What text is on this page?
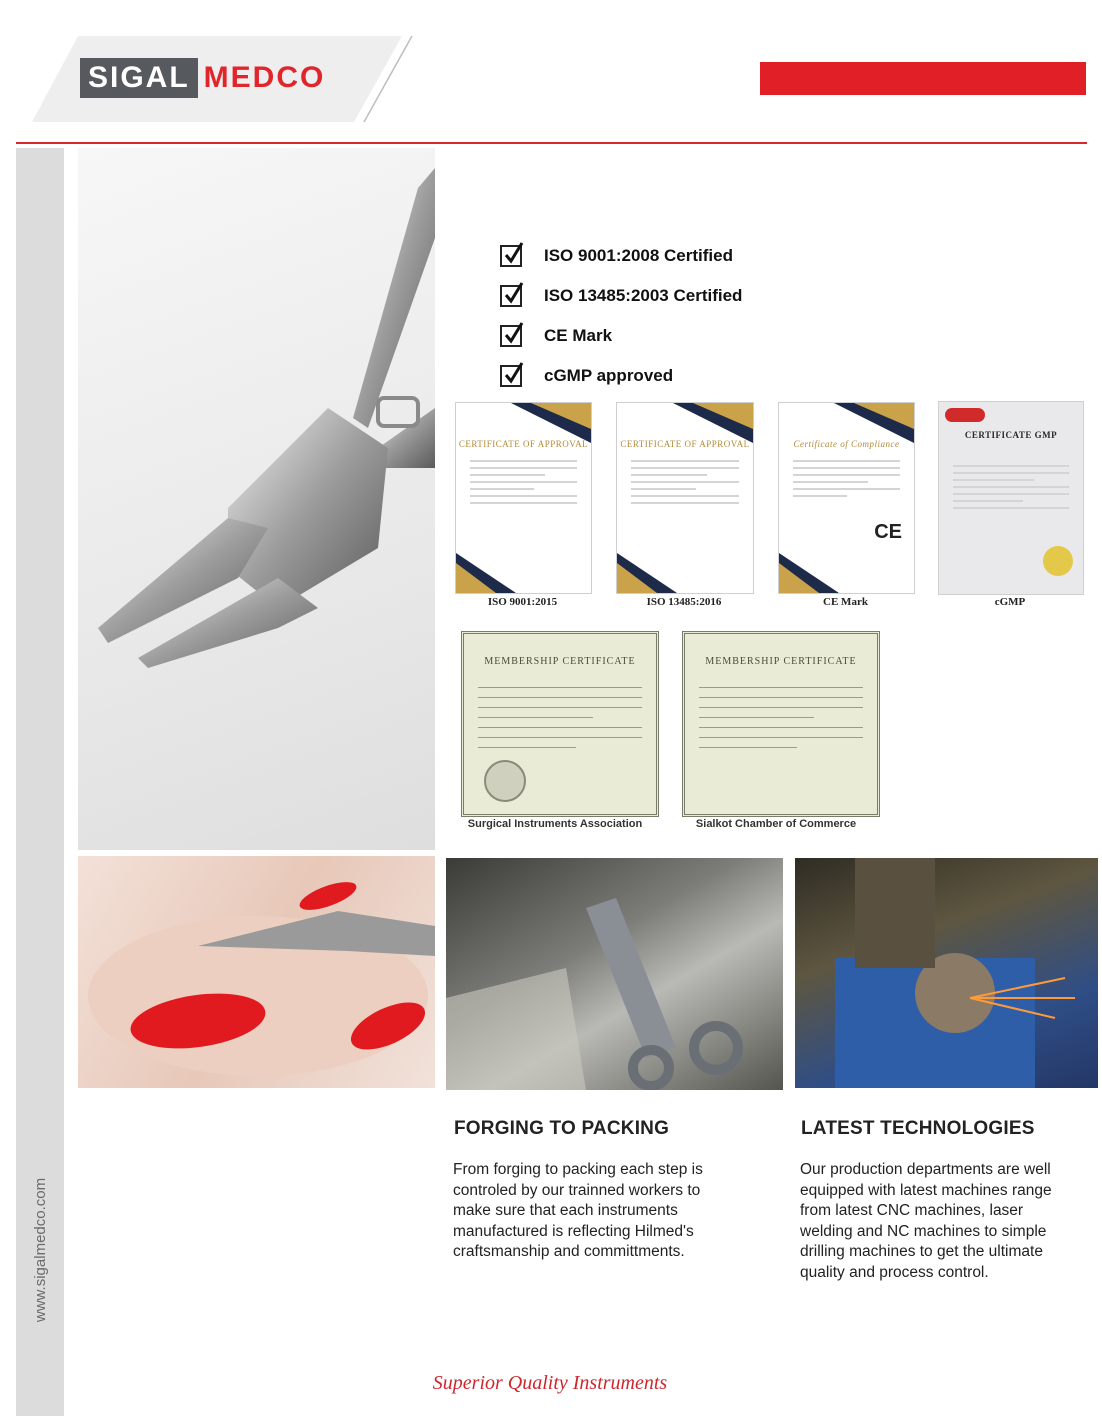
SIGAL MEDCO
www.sigalmedco.com
ISO 9001:2008 Certified
ISO 13485:2003 Certified
CE Mark
cGMP approved
CERTIFICATE OF APPROVAL
ISO 9001:2015
CERTIFICATE OF APPROVAL
ISO 13485:2016
Certificate of Compliance
CE
CE Mark
CERTIFICATE GMP
cGMP
MEMBERSHIP CERTIFICATE
Surgical Instruments Association
MEMBERSHIP CERTIFICATE
Sialkot Chamber of Commerce
FORGING TO PACKING
From forging to packing each step is
controled by our trainned workers to
make sure that each instruments
manufactured is reflecting Hilmed's
craftsmanship and committments.
LATEST TECHNOLOGIES
Our production departments are well
equipped with latest machines range
from latest CNC machines, laser
welding and NC machines to simple
drilling machines to get the ultimate
quality and process control.
Superior Quality Instruments
